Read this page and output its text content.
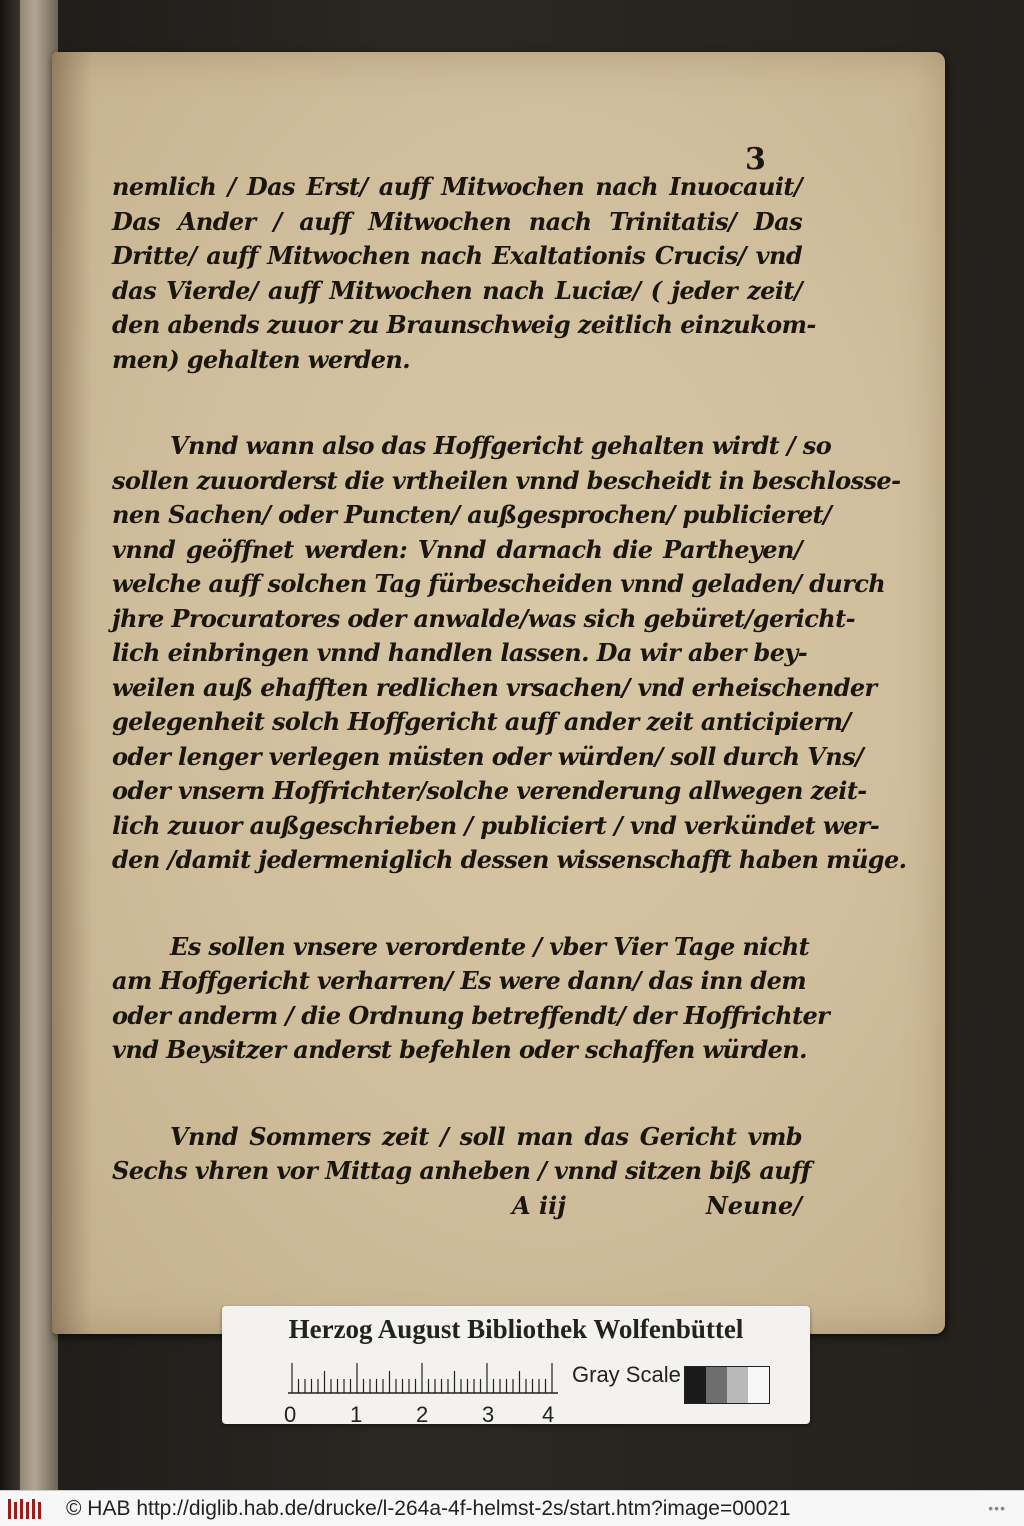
3
nemlich / Das Erst/ auff Mitwochen nach Inuocauit/
Das Ander / auff Mitwochen nach Trinitatis/ Das
Dritte/ auff Mitwochen nach Exaltationis Crucis/ vnd
das Vierde/ auff Mitwochen nach Luciæ/ ( jeder zeit/
den abends zuuor zu Braunschweig zeitlich einzukom-
men) gehalten werden.
Vnnd wann also das Hoffgericht gehalten wirdt / so
sollen zuuorderst die vrtheilen vnnd bescheidt in beschlosse-
nen Sachen/ oder Puncten/ außgesprochen/ publicieret/
vnnd geöffnet werden: Vnnd darnach die Partheyen/
welche auff solchen Tag fürbescheiden vnnd geladen/ durch
jhre Procuratores oder anwalde/was sich gebüret/gericht-
lich einbringen vnnd handlen lassen. Da wir aber bey-
weilen auß ehafften redlichen vrsachen/ vnd erheischender
gelegenheit solch Hoffgericht auff ander zeit anticipiern/
oder lenger verlegen müsten oder würden/ soll durch Vns/
oder vnsern Hoffrichter/solche verenderung allwegen zeit-
lich zuuor außgeschrieben / publiciert / vnd verkündet wer-
den /damit jedermeniglich dessen wissenschafft haben müge.
Es sollen vnsere verordente / vber Vier Tage nicht
am Hoffgericht verharren/ Es were dann/ das inn dem
oder anderm / die Ordnung betreffendt/ der Hoffrichter
vnd Beysitzer anderst befehlen oder schaffen würden.
Vnnd Sommers zeit / soll man das Gericht vmb
Sechs vhren vor Mittag anheben / vnnd sitzen biß auff
A iij	Neune/
Herzog August Bibliothek Wolfenbüttel
0 1 2 3 4
Gray Scale
© HAB http://diglib.hab.de/drucke/l-264a-4f-helmst-2s/start.htm?image=00021	•••
